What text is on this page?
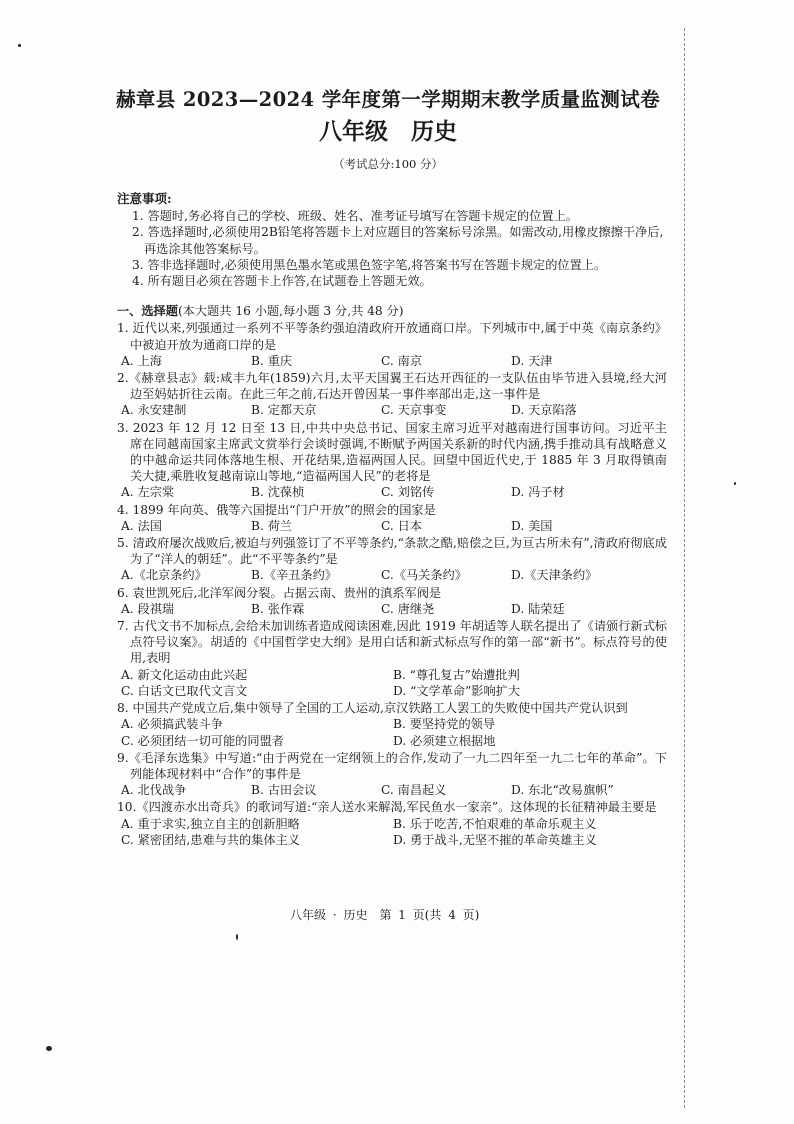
赫章县 2023—2024 学年度第一学期期末教学质量监测试卷
八年级　历史
（考试总分:100 分）
注意事项:
1. 答题时,务必将自己的学校、班级、姓名、准考证号填写在答题卡规定的位置上。
2. 答选择题时,必须使用2B铅笔将答题卡上对应题目的答案标号涂黑。如需改动,用橡皮擦擦干净后,再选涂其他答案标号。
3. 答非选择题时,必须使用黑色墨水笔或黑色签字笔,将答案书写在答题卡规定的位置上。
4. 所有题目必须在答题卡上作答,在试题卷上答题无效。
一、选择题(本大题共 16 小题,每小题 3 分,共 48 分)
1. 近代以来,列强通过一系列不平等条约强迫清政府开放通商口岸。下列城市中,属于中英《南京条约》中被迫开放为通商口岸的是
A. 上海	B. 重庆	C. 南京	D. 天津
2.《赫章县志》载:咸丰九年(1859)六月,太平天国翼王石达开西征的一支队伍由毕节进入县境,经大河边至妈姑折往云南。在此三年之前,石达开曾因某一事件率部出走,这一事件是
A. 永安建制	B. 定都天京	C. 天京事变	D. 天京陷落
3. 2023 年 12 月 12 日至 13 日,中共中央总书记、国家主席习近平对越南进行国事访问。习近平主席在同越南国家主席武文赏举行会谈时强调,不断赋予两国关系新的时代内涵,携手推动具有战略意义的中越命运共同体落地生根、开花结果,造福两国人民。回望中国近代史,于 1885 年 3 月取得镇南关大捷,乘胜收复越南谅山等地,“造福两国人民”的老将是
A. 左宗棠	B. 沈葆桢	C. 刘铭传	D. 冯子材
4. 1899 年向英、俄等六国提出“门户开放”的照会的国家是
A. 法国	B. 荷兰	C. 日本	D. 美国
5. 清政府屡次战败后,被迫与列强签订了不平等条约,“条款之酷,赔偿之巨,为亘古所未有”,清政府彻底成为了“洋人的朝廷”。此“不平等条约”是
A.《北京条约》	B.《辛丑条约》	C.《马关条约》	D.《天津条约》
6. 袁世凯死后,北洋军阀分裂。占据云南、贵州的滇系军阀是
A. 段祺瑞	B. 张作霖	C. 唐继尧	D. 陆荣廷
7. 古代文书不加标点,会给未加训练者造成阅读困难,因此 1919 年胡适等人联名提出了《请颁行新式标点符号议案》。胡适的《中国哲学史大纲》是用白话和新式标点写作的第一部“新书”。标点符号的使用,表明
A. 新文化运动由此兴起	B. “尊孔复古”始遭批判
C. 白话文已取代文言文	D. “文学革命”影响扩大
8. 中国共产党成立后,集中领导了全国的工人运动,京汉铁路工人罢工的失败使中国共产党认识到
A. 必须搞武装斗争	B. 要坚持党的领导
C. 必须团结一切可能的同盟者	D. 必须建立根据地
9.《毛泽东选集》中写道:“由于两党在一定纲领上的合作,发动了一九二四年至一九二七年的革命”。下列能体现材料中“合作”的事件是
A. 北伐战争	B. 古田会议	C. 南昌起义	D. 东北“改易旗帜”
10.《四渡赤水出奇兵》的歌词写道:“亲人送水来解渴,军民鱼水一家亲”。这体现的长征精神最主要是
A. 重于求实,独立自主的创新胆略	B. 乐于吃苦,不怕艰难的革命乐观主义
C. 紧密团结,患难与共的集体主义	D. 勇于战斗,无坚不摧的革命英雄主义
八年级 · 历史　第 1 页(共 4 页)
